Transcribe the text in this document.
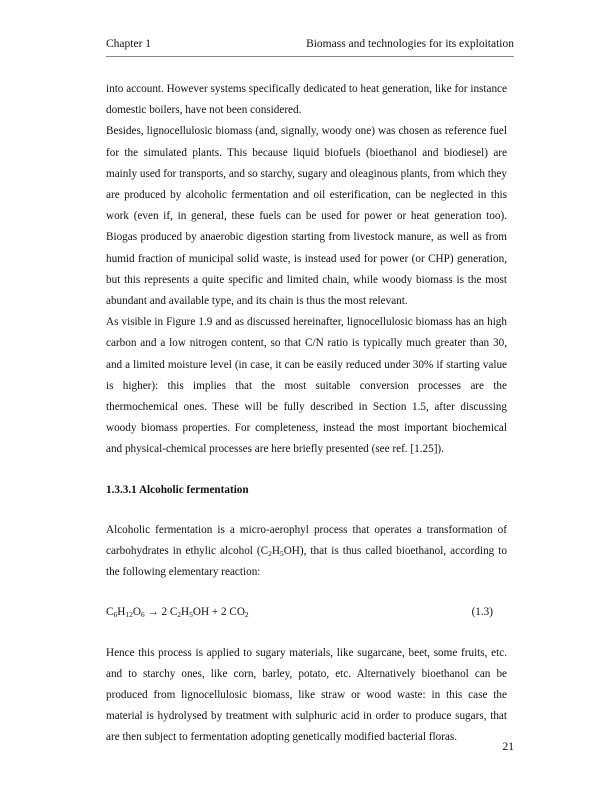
Chapter 1	Biomass and technologies for its exploitation

into account. However systems specifically dedicated to heat generation, like for instance domestic boilers, have not been considered.

Besides, lignocellulosic biomass (and, signally, woody one) was chosen as reference fuel for the simulated plants. This because liquid biofuels (bioethanol and biodiesel) are mainly used for transports, and so starchy, sugary and oleaginous plants, from which they are produced by alcoholic fermentation and oil esterification, can be neglected in this work (even if, in general, these fuels can be used for power or heat generation too). Biogas produced by anaerobic digestion starting from livestock manure, as well as from humid fraction of municipal solid waste, is instead used for power (or CHP) generation, but this represents a quite specific and limited chain, while woody biomass is the most abundant and available type, and its chain is thus the most relevant.

As visible in Figure 1.9 and as discussed hereinafter, lignocellulosic biomass has an high carbon and a low nitrogen content, so that C/N ratio is typically much greater than 30, and a limited moisture level (in case, it can be easily reduced under 30% if starting value is higher): this implies that the most suitable conversion processes are the thermochemical ones. These will be fully described in Section 1.5, after discussing woody biomass properties. For completeness, instead the most important biochemical and physical-chemical processes are here briefly presented (see ref. [1.25]).

1.3.3.1 Alcoholic fermentation

Alcoholic fermentation is a micro-aerophyl process that operates a transformation of carbohydrates in ethylic alcohol $(C_2H_5OH)$, that is thus called bioethanol, according to the following elementary reaction:

$C_6H_{12}O_6 \to 2$ $C_2H_5OH + 2$ $CO_2$	(1.3)

Hence this process is applied to sugary materials, like sugarcane, beet, some fruits, etc. and to starchy ones, like corn, barley, potato, etc. Alternatively bioethanol can be produced from lignocellulosic biomass, like straw or wood waste: in this case the material is hydrolysed by treatment with sulphuric acid in order to produce sugars, that are then subject to fermentation adopting genetically modified bacterial floras.

21
